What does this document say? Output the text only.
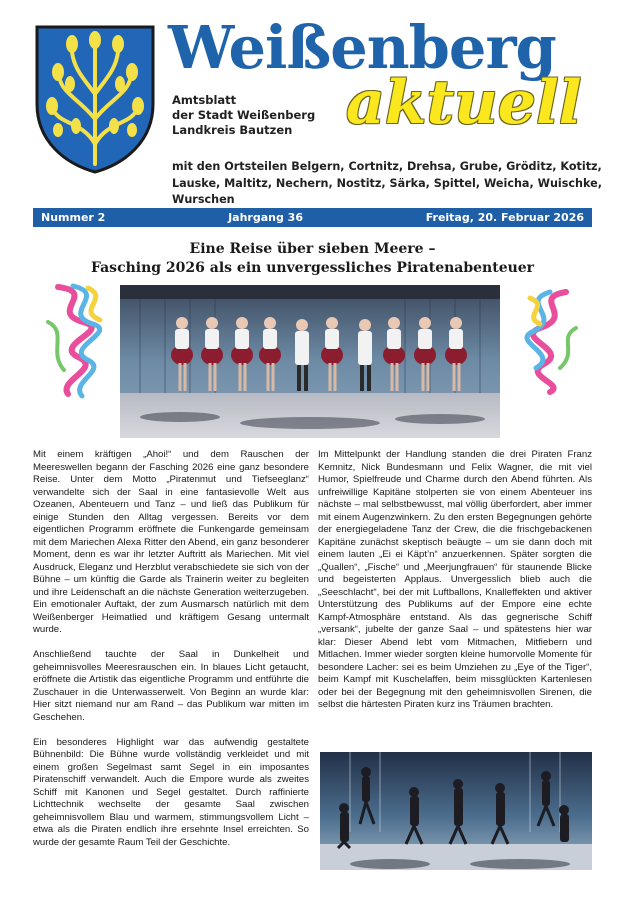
Weißenberg
aktuell
Amtsblatt
der Stadt Weißenberg
Landkreis Bautzen
mit den Ortsteilen Belgern, Cortnitz, Drehsa, Grube, Gröditz, Kotitz, Lauske, Maltitz, Nechern, Nostitz, Särka, Spittel, Weicha, Wuischke, Wurschen
Nummer 2	Jahrgang 36	Freitag, 20. Februar 2026
Eine Reise über sieben Meere –
Fasching 2026 als ein unvergessliches Piratenabenteuer

Mit einem kräftigen „Ahoi!“ und dem Rauschen der Meereswellen begann der Fasching 2026 eine ganz besondere Reise. Unter dem Motto „Piratenmut und Tiefseeglanz“ verwandelte sich der Saal in eine fantasievolle Welt aus Ozeanen, Abenteuern und Tanz – und ließ das Publikum für einige Stunden den Alltag vergessen. Bereits vor dem eigentlichen Programm eröffnete die Funkengarde gemeinsam mit dem Mariechen Alexa Ritter den Abend, ein ganz besonderer Moment, denn es war ihr letzter Auftritt als Mariechen. Mit viel Ausdruck, Eleganz und Herzblut verabschiedete sie sich von der Bühne – um künftig die Garde als Trainerin weiter zu begleiten und ihre Leidenschaft an die nächste Generation weiterzugeben. Ein emotionaler Auftakt, der zum Ausmarsch natürlich mit dem Weißenberger Heimatlied und kräftigem Gesang untermalt wurde.

Anschließend tauchte der Saal in Dunkelheit und geheimnisvolles Meeresrauschen ein. In blaues Licht getaucht, eröffnete die Artistik das eigentliche Programm und entführte die Zuschauer in die Unterwasserwelt. Von Beginn an wurde klar: Hier sitzt niemand nur am Rand – das Publikum war mitten im Geschehen.

Ein besonderes Highlight war das aufwendig gestaltete Bühnenbild: Die Bühne wurde vollständig verkleidet und mit einem großen Segelmast samt Segel in ein imposantes Piratenschiff verwandelt. Auch die Empore wurde als zweites Schiff mit Kanonen und Segel gestaltet. Durch raffinierte Lichttechnik wechselte der gesamte Saal zwischen geheimnisvollem Blau und warmem, stimmungsvollem Licht – etwa als die Piraten endlich ihre ersehnte Insel erreichten. So wurde der gesamte Raum Teil der Geschichte.

Im Mittelpunkt der Handlung standen die drei Piraten Franz Kemnitz, Nick Bundesmann und Felix Wagner, die mit viel Humor, Spielfreude und Charme durch den Abend führten. Als unfreiwillige Kapitäne stolperten sie von einem Abenteuer ins nächste – mal selbstbewusst, mal völlig überfordert, aber immer mit einem Augenzwinkern. Zu den ersten Begegnungen gehörte der energiegeladene Tanz der Crew, die die frischgebackenen Kapitäne zunächst skeptisch beäugte – um sie dann doch mit einem lauten „Ei ei Käpt’n“ anzuerkennen. Später sorgten die „Quallen“, „Fische“ und „Meerjungfrauen“ für staunende Blicke und begeisterten Applaus. Unvergesslich blieb auch die „Seeschlacht“, bei der mit Luftballons, Knalleffekten und aktiver Unterstützung des Publikums auf der Empore eine echte Kampf-Atmosphäre entstand. Als das gegnerische Schiff „versank“, jubelte der ganze Saal – und spätestens hier war klar: Dieser Abend lebt vom Mitmachen, Mitfiebern und Mitlachen. Immer wieder sorgten kleine humorvolle Momente für besondere Lacher: sei es beim Umziehen zu „Eye of the Tiger“, beim Kampf mit Kuschelaffen, beim missglückten Kartenlesen oder bei der Begegnung mit den geheimnisvollen Sirenen, die selbst die härtesten Piraten kurz ins Träumen brachten.
